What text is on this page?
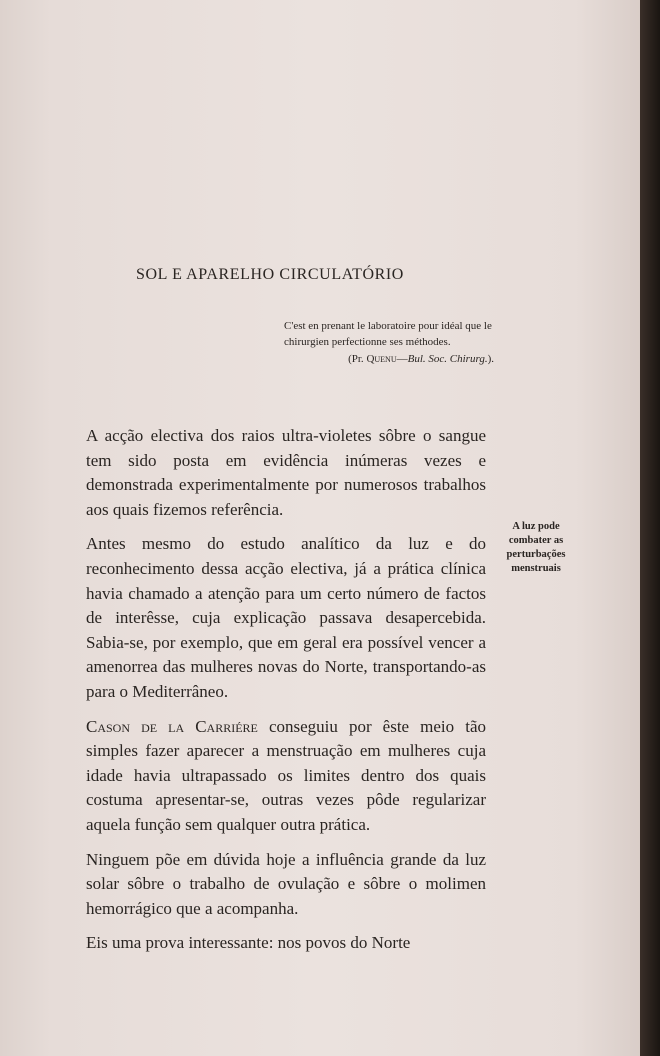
SOL E APARELHO CIRCULATÓRIO
C'est en prenant le laboratoire pour idéal que le chirurgien perfectionne ses méthodes.
(Pr. Quenu—Bul. Soc. Chirurg.).

A acção electiva dos raios ultra-violetes sôbre o sangue tem sido posta em evidência inúmeras vezes e demonstrada experimentalmente por numerosos trabalhos aos quais fizemos referência.

Antes mesmo do estudo analítico da luz e do reconhecimento dessa acção electiva, já a prática clínica havia chamado a atenção para um certo número de factos de interêsse, cuja explicação passava desapercebida. Sabia-se, por exemplo, que em geral era possível vencer a amenorrea das mulheres novas do Norte, transportando-as para o Mediterrâneo.

Cason de la Carriére conseguiu por êste meio tão simples fazer aparecer a menstruação em mulheres cuja idade havia ultrapassado os limites dentro dos quais costuma apresentar-se, outras vezes pôde regularizar aquela função sem qualquer outra prática.

Ninguem põe em dúvida hoje a influência grande da luz solar sôbre o trabalho de ovulação e sôbre o molimen hemorrágico que a acompanha.

Eis uma prova interessante: nos povos do Norte

A luz pode combater as perturbações menstruais
